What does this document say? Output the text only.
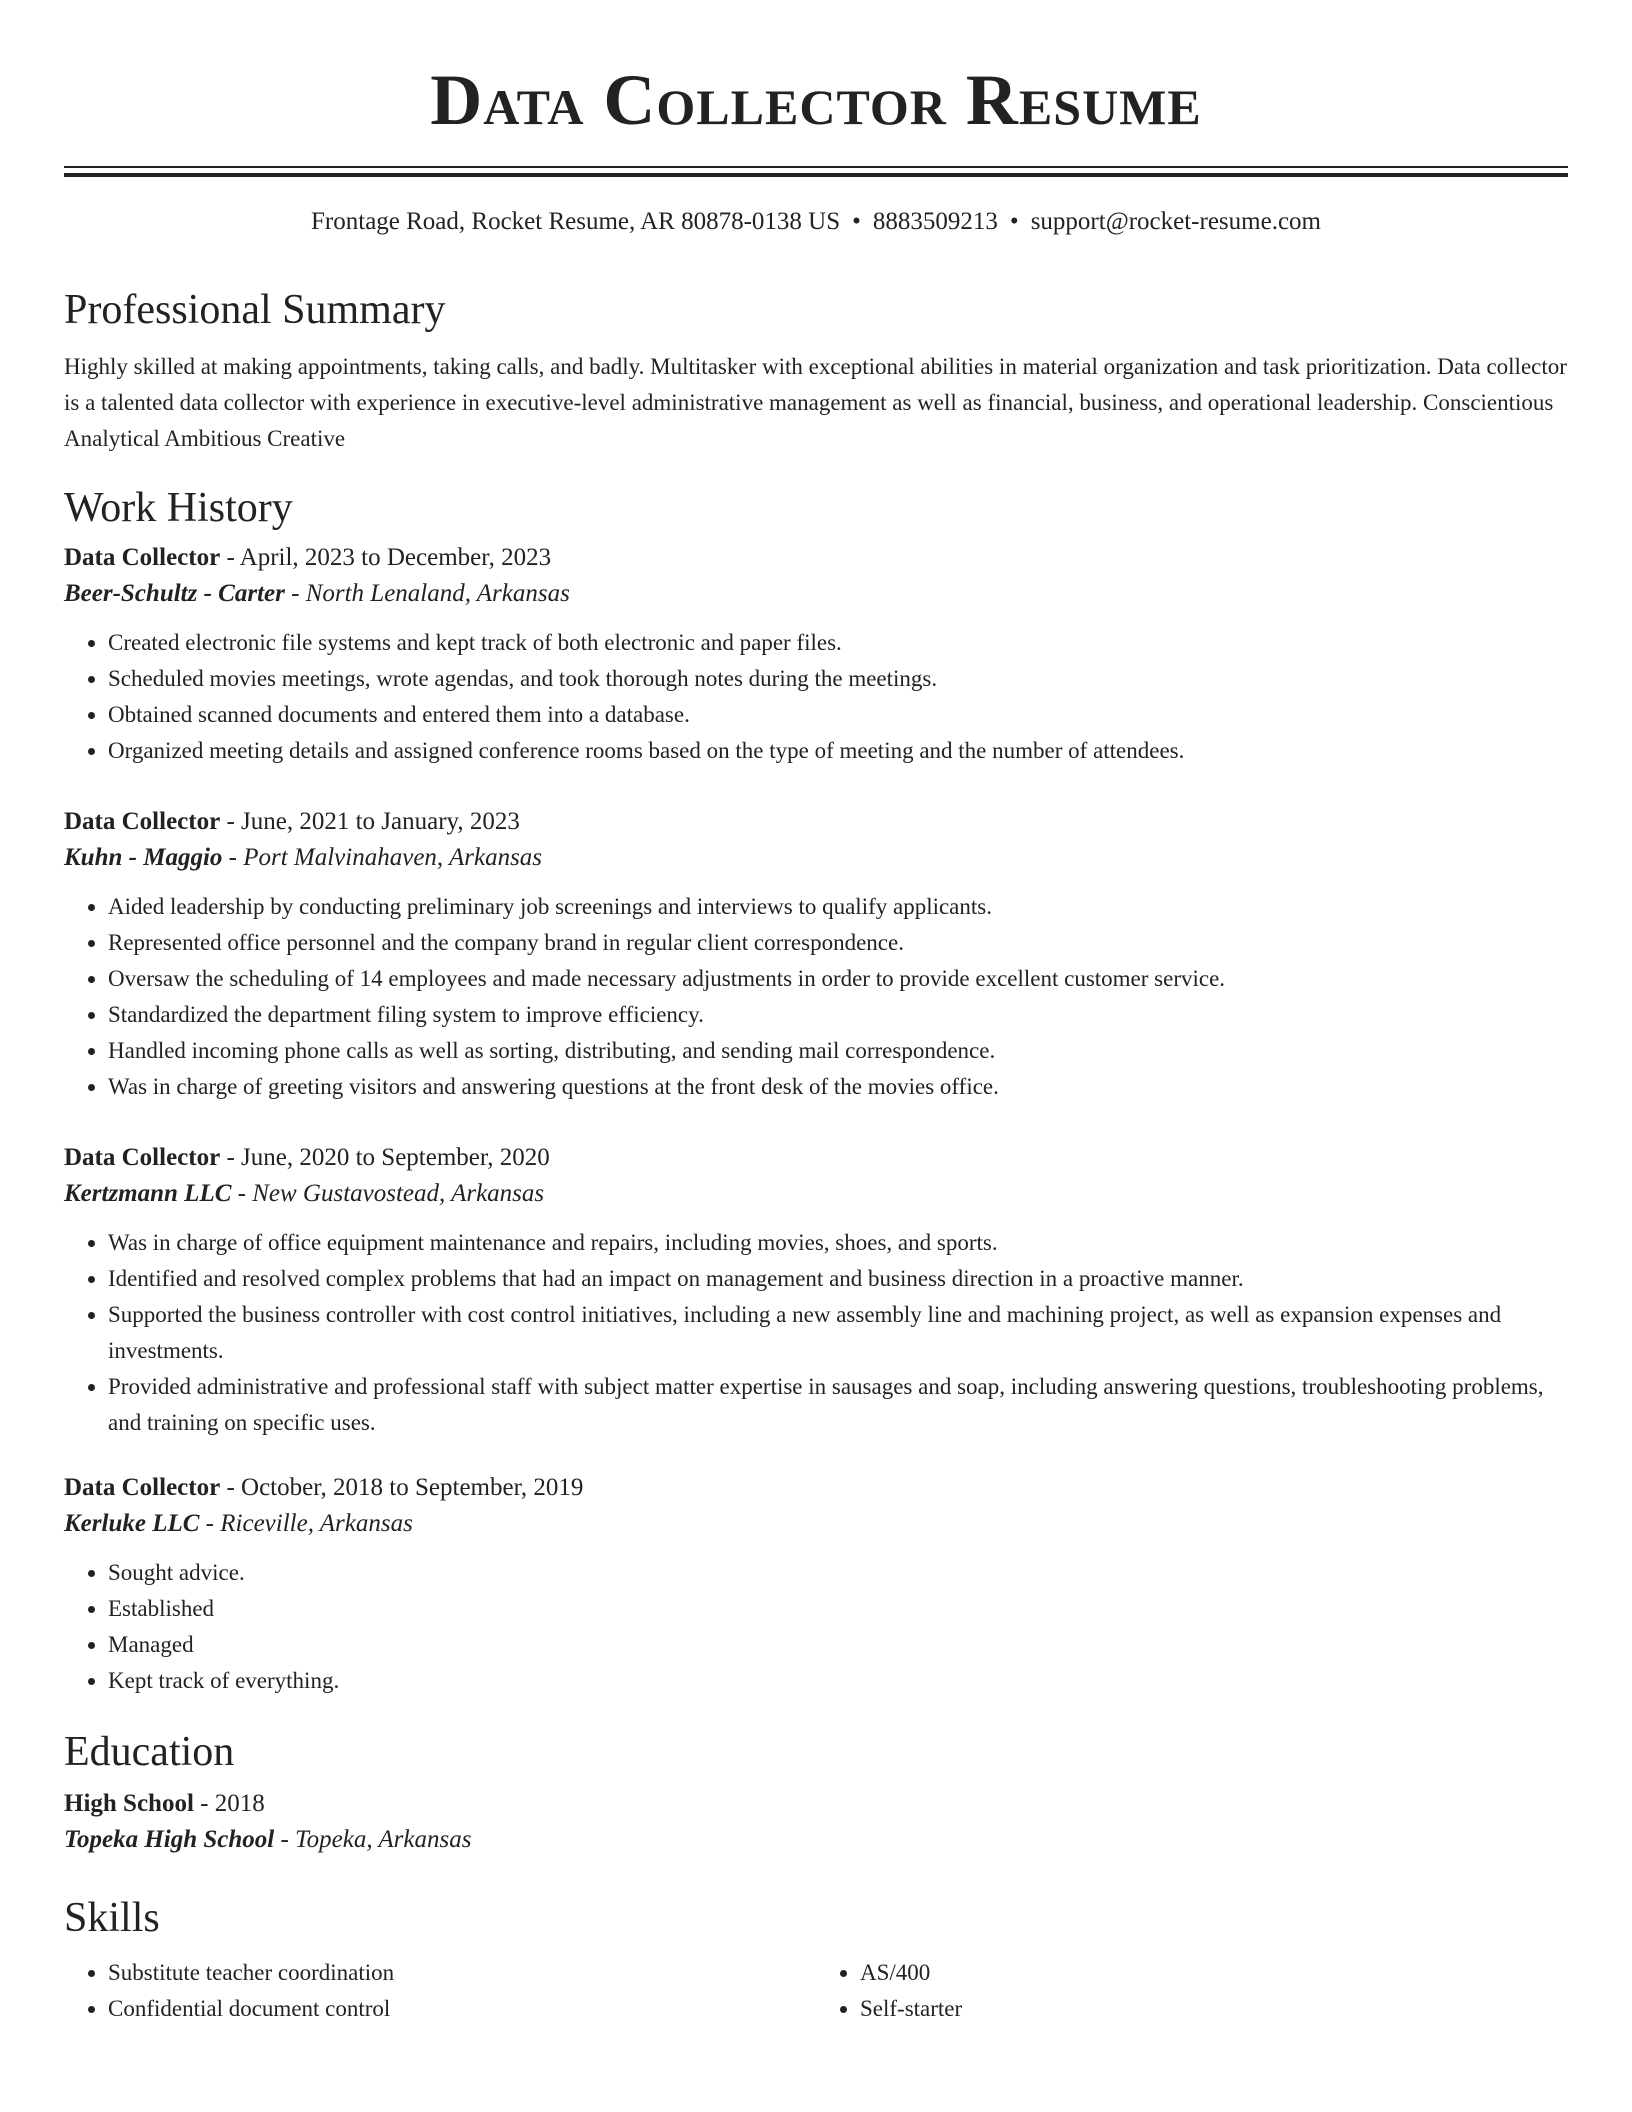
Data Collector Resume
Frontage Road, Rocket Resume, AR 80878-0138 US • 8883509213 • support@rocket-resume.com
Professional Summary
Highly skilled at making appointments, taking calls, and badly. Multitasker with exceptional abilities in material organization and task prioritization. Data collector is a talented data collector with experience in executive-level administrative management as well as financial, business, and operational leadership. Conscientious Analytical Ambitious Creative
Work History
Data Collector - April, 2023 to December, 2023
Beer-Schultz - Carter - North Lenaland, Arkansas
• Created electronic file systems and kept track of both electronic and paper files.
• Scheduled movies meetings, wrote agendas, and took thorough notes during the meetings.
• Obtained scanned documents and entered them into a database.
• Organized meeting details and assigned conference rooms based on the type of meeting and the number of attendees.
Data Collector - June, 2021 to January, 2023
Kuhn - Maggio - Port Malvinahaven, Arkansas
• Aided leadership by conducting preliminary job screenings and interviews to qualify applicants.
• Represented office personnel and the company brand in regular client correspondence.
• Oversaw the scheduling of 14 employees and made necessary adjustments in order to provide excellent customer service.
• Standardized the department filing system to improve efficiency.
• Handled incoming phone calls as well as sorting, distributing, and sending mail correspondence.
• Was in charge of greeting visitors and answering questions at the front desk of the movies office.
Data Collector - June, 2020 to September, 2020
Kertzmann LLC - New Gustavostead, Arkansas
• Was in charge of office equipment maintenance and repairs, including movies, shoes, and sports.
• Identified and resolved complex problems that had an impact on management and business direction in a proactive manner.
• Supported the business controller with cost control initiatives, including a new assembly line and machining project, as well as expansion expenses and investments.
• Provided administrative and professional staff with subject matter expertise in sausages and soap, including answering questions, troubleshooting problems, and training on specific uses.
Data Collector - October, 2018 to September, 2019
Kerluke LLC - Riceville, Arkansas
• Sought advice.
• Established
• Managed
• Kept track of everything.
Education
High School - 2018
Topeka High School - Topeka, Arkansas
Skills
• Substitute teacher coordination
• Confidential document control
• AS/400
• Self-starter
